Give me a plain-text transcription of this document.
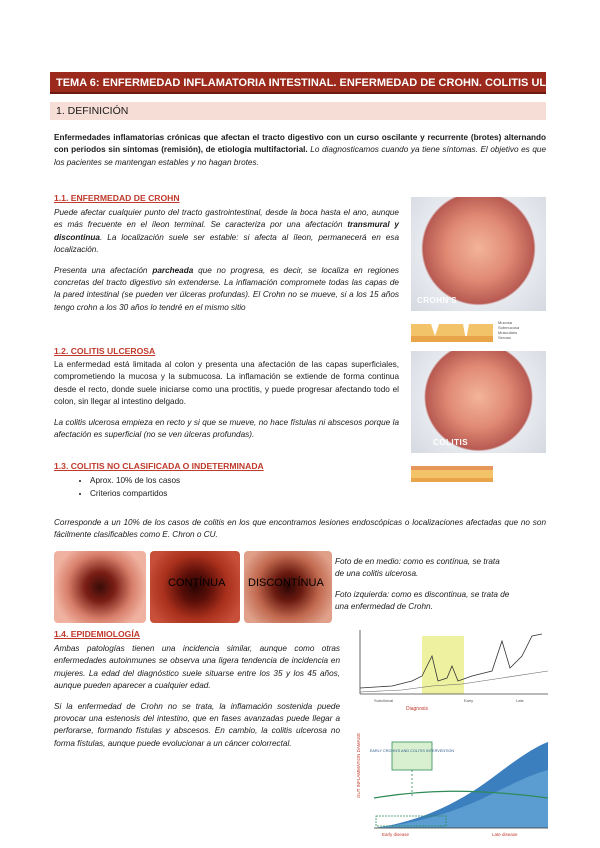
TEMA 6: ENFERMEDAD INFLAMATORIA INTESTINAL. ENFERMEDAD DE CROHN. COLITIS ULCEROSA
1. DEFINICIÓN

Enfermedades inflamatorias crónicas que afectan el tracto digestivo con un curso oscilante y recurrente (brotes) alternando con periodos sin síntomas (remisión), de etiología multifactorial. Lo diagnosticamos cuando ya tiene síntomas. El objetivo es que los pacientes se mantengan estables y no hagan brotes.

1.1. ENFERMEDAD DE CROHN

Puede afectar cualquier punto del tracto gastrointestinal, desde la boca hasta el ano, aunque es más frecuente en el íleon terminal. Se caracteriza por una afectación transmural y discontinua. La localización suele ser estable: si afecta al íleon, permanecerá en esa localización.

Presenta una afectación parcheada que no progresa, es decir, se localiza en regiones concretas del tracto digestivo sin extenderse. La inflamación compromete todas las capas de la pared intestinal (se pueden ver úlceras profundas). El Crohn no se mueve, si a los 15 años tengo crohn a los 30 años lo tendré en el mismo sitio

CROHN'S
Mucosa
Submucosa
Muscularis
Serosa
1.2. COLITIS ULCEROSA

La enfermedad está limitada al colon y presenta una afectación de las capas superficiales, comprometiendo la mucosa y la submucosa. La inflamación se extiende de forma continua desde el recto, donde suele iniciarse como una proctitis, y puede progresar afectando todo el colon, sin llegar al intestino delgado.

La colitis ulcerosa empieza en recto y si que se mueve, no hace fístulas ni abscesos porque la afectación es superficial (no se ven úlceras profundas).

COLITIS
1.3. COLITIS NO CLASIFICADA O INDETERMINADA
• Aprox. 10% de los casos
• Criterios compartidos

Corresponde a un 10% de los casos de colitis en los que encontramos lesiones endoscópicas o localizaciones afectadas que no son fácilmente clasificables como E. Chron o CU.

CONTÍNUA DISCONTÍNUA

Foto de en medio: como es contínua, se trata de una colitis ulcerosa.

Foto izquierda: como es discontinua, se trata de una enfermedad de Crohn.

1.4. EPIDEMIOLOGÍA

Ambas patologías tienen una incidencia similar, aunque como otras enfermedades autoinmunes se observa una ligera tendencia de incidencia en mujeres. La edad del diagnóstico suele situarse entre los 35 y los 45 años, aunque pueden aparecer a cualquier edad.

Si la enfermedad de Crohn no se trata, la inflamación sostenida puede provocar una estenosis del intestino, que en fases avanzadas puede llegar a perforarse, formando fístulas y abscesos. En cambio, la colitis ulcerosa no forma fístulas, aunque puede evolucionar a un cáncer colorrectal.

Diagnosis
Subclinical	Early	Late
GUT INFLAMMATION DAMAGE EARLY CROHN'S AND COLITIS INTERVENTION
Early disease	Late disease
